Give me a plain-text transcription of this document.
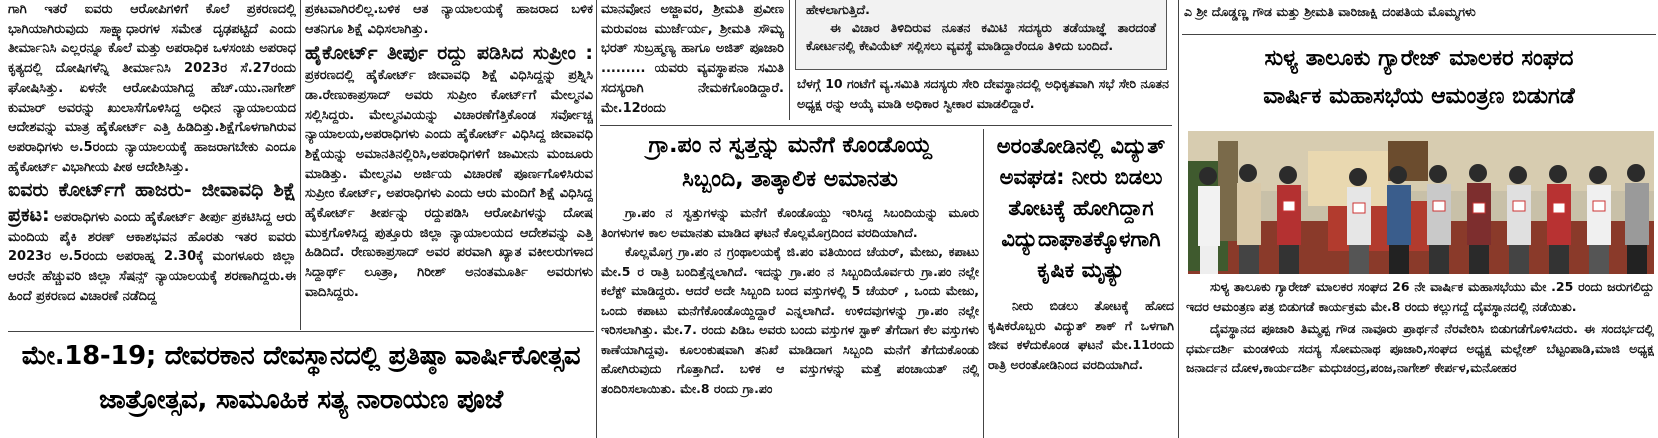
ಗಾಗಿ ಇತರೆ ಐವರು ಆರೋಪಿಗಳಿಗೆ ಕೊಲೆ ಪ್ರಕರಣದಲ್ಲಿ ಭಾಗಿಯಾಗಿರುವುದು ಸಾಕ್ಷ್ಯಾಧಾರಗಳ ಸಮೇತ ದೃಢಪಟ್ಟಿದೆ ಎಂದು ತೀರ್ಮಾನಿಸಿ ಎಲ್ಲರನ್ನೂ ಕೊಲೆ ಮತ್ತು ಅಪರಾಧಿಕ ಒಳಸಂಚು ಅಪರಾಧ ಕೃತ್ಯದಲ್ಲಿ ದೋಷಿಗಳೆನ್ನಿ ತೀರ್ಮಾನಿಸಿ 2023ರ ಸೆ.27ರಂದು ಘೋಷಿಸಿತ್ತು. ಏಳನೇ ಆರೋಪಿಯಾಗಿದ್ದ ಹೆಚ್.ಯು.ನಾಗೇಶ್ ಕುಮಾರ್ ಅವರನ್ನು ಖುಲಾಸೆಗೊಳಿಸಿದ್ದ ಅಧೀನ ನ್ಯಾಯಾಲಯದ ಆದೇಶವನ್ನು ಮಾತ್ರ ಹೈಕೋರ್ಟ್ ಎತ್ತಿ ಹಿಡಿದಿತ್ತು.ಶಿಕ್ಷೆಗೊಳಗಾಗಿರುವ ಅಪರಾಧಿಗಳು ಅ.5ರಂದು ನ್ಯಾಯಾಲಯಕ್ಕೆ ಹಾಜರಾಗಬೇಕು ಎಂದೂ ಹೈಕೋರ್ಟ್ ವಿಭಾಗೀಯ ಪೀಠ ಆದೇಶಿಸಿತ್ತು.

ಐವರು ಕೋರ್ಟ್‌ಗೆ ಹಾಜರು- ಜೀವಾವಧಿ ಶಿಕ್ಷೆ ಪ್ರಕಟ: ಅಪರಾಧಿಗಳು ಎಂದು ಹೈಕೋರ್ಟ್ ತೀರ್ಪು ಪ್ರಕಟಿಸಿದ್ದ ಆರು ಮಂದಿಯ ಪೈಕಿ ಶರಣ್ ಆಕಾಶಭವನ ಹೊರತು ಇತರ ಐವರು 2023ರ ಅ.5ರಂದು ಅಪರಾಹ್ನ 2.30ಕ್ಕೆ ಮಂಗಳೂರು ಜಿಲ್ಲಾ ಆರನೇ ಹೆಚ್ಚುವರಿ ಜಿಲ್ಲಾ ಸೆಷನ್ಸ್ ನ್ಯಾಯಾಲಯಕ್ಕೆ ಶರಣಾಗಿದ್ದರು.ಈ ಹಿಂದೆ ಪ್ರಕರಣದ ವಿಚಾರಣೆ ನಡೆದಿದ್ದ

ಪ್ರಕಟವಾಗಿರಲಿಲ್ಲ.ಬಳಿಕ ಆತ ನ್ಯಾಯಾಲಯಕ್ಕೆ ಹಾಜರಾದ ಬಳಿಕ ಆತನಿಗೂ ಶಿಕ್ಷೆ ವಿಧಿಸಲಾಗಿತ್ತು.

ಹೈಕೋರ್ಟ್ ತೀರ್ಪು ರದ್ದು ಪಡಿಸಿದ ಸುಪ್ರೀಂ : ಪ್ರಕರಣದಲ್ಲಿ ಹೈಕೋರ್ಟ್ ಜೀವಾವಧಿ ಶಿಕ್ಷೆ ವಿಧಿಸಿದ್ದನ್ನು ಪ್ರಶ್ನಿಸಿ ಡಾ.ರೇಣುಕಾಪ್ರಸಾದ್ ಅವರು ಸುಪ್ರೀಂ ಕೋರ್ಟ್‌ಗೆ ಮೇಲ್ಮನವಿ ಸಲ್ಲಿಸಿದ್ದರು. ಮೇಲ್ಮನವಿಯನ್ನು ವಿಚಾರಣೆಗೆತ್ತಿಕೊಂಡ ಸರ್ವೋಚ್ಚ ನ್ಯಾಯಾಲಯ,ಅಪರಾಧಿಗಳು ಎಂದು ಹೈಕೋರ್ಟ್ ವಿಧಿಸಿದ್ದ ಜೀವಾವಧಿ ಶಿಕ್ಷೆಯನ್ನು ಅಮಾನತಿನಲ್ಲಿರಿಸಿ,ಅಪರಾಧಿಗಳಿಗೆ ಜಾಮೀನು ಮಂಜೂರು ಮಾಡಿತ್ತು. ಮೇಲ್ಮನವಿ ಅರ್ಜಿಯ ವಿಚಾರಣೆ ಪೂರ್ಣಗೊಳಿಸಿರುವ ಸುಪ್ರೀಂ ಕೋರ್ಟ್, ಅಪರಾಧಿಗಳು ಎಂದು ಆರು ಮಂದಿಗೆ ಶಿಕ್ಷೆ ವಿಧಿಸಿದ್ದ ಹೈಕೋರ್ಟ್ ತೀರ್ಪನ್ನು ರದ್ದುಪಡಿಸಿ ಆರೋಪಿಗಳನ್ನು ದೋಷ ಮುಕ್ತಗೊಳಿಸಿದ್ದ ಪುತ್ತೂರು ಜಿಲ್ಲಾ ನ್ಯಾಯಾಲಯದ ಆದೇಶವನ್ನು ಎತ್ತಿ ಹಿಡಿದಿದೆ. ರೇಣುಕಾಪ್ರಸಾದ್ ಅವರ ಪರವಾಗಿ ಖ್ಯಾತ ವಕೀಲರುಗಳಾದ ಸಿದ್ದಾರ್ಥ್ ಲೂತ್ರಾ, ಗಿರೀಶ್ ಅನಂತಮೂರ್ತಿ ಅವರುಗಳು ವಾದಿಸಿದ್ದರು.

ಮೇ.18-19; ದೇವರಕಾನ ದೇವಸ್ಥಾನದಲ್ಲಿ ಪ್ರತಿಷ್ಠಾ ವಾರ್ಷಿಕೋತ್ಸವ

ಜಾತ್ರೋತ್ಸವ, ಸಾಮೂಹಿಕ ಸತ್ಯ ನಾರಾಯಣ ಪೂಜೆ

ಮಾನವೋನ ಅಜ್ಜಾವರ, ಶ್ರೀಮತಿ ಪ್ರವೀಣ ಮರುವಂಜ ಮುರ್ಜೆರ್ಯ, ಶ್ರೀಮತಿ ಸೌಮ್ಯ ಭರತ್ ಸುಬ್ರಹ್ಮಣ್ಯ ಹಾಗೂ ಅಜಿತ್ ಪೂಜಾರಿ ......... ಯವರು ವ್ಯವಸ್ಥಾಪನಾ ಸಮಿತಿ ಸದಸ್ಯರಾಗಿ ನೇಮಕಗೊಂಡಿದ್ದಾರೆ. ಮೇ.12ರಂದು

ಹೇಳಲಾಗುತ್ತಿದೆ.

ಈ ವಿಚಾರ ತಿಳಿದಿರುವ ನೂತನ ಕಮಿಟಿ ಸದಸ್ಯರು ತಡೆಯಾಜ್ಞೆ ತಾರದಂತೆ ಕೋರ್ಟನಲ್ಲಿ ಕೇವಿಯೆಟ್ ಸಲ್ಲಿಸಲು ವ್ಯವಸ್ಥೆ ಮಾಡಿದ್ದಾರೆಂದೂ ತಿಳಿದು ಬಂದಿದೆ.

ಬೆಳಗ್ಗೆ 10 ಗಂಟೆಗೆ ವ್ಯ.ಸಮಿತಿ ಸದಸ್ಯರು ಸೇರಿ ದೇವಸ್ಥಾನದಲ್ಲಿ ಅಧಿಕೃತವಾಗಿ ಸಭೆ ಸೇರಿ ನೂತನ ಅಧ್ಯಕ್ಷ ರನ್ನು ಆಯ್ಕೆ ಮಾಡಿ ಅಧಿಕಾರ ಸ್ವೀಕಾರ ಮಾಡಲಿದ್ದಾರೆ.

ಗ್ರಾ.ಪಂ ನ ಸ್ವತ್ತನ್ನು ಮನೆಗೆ ಕೊಂಡೊಯ್ದ

ಸಿಬ್ಬಂದಿ, ತಾತ್ಕಾಲಿಕ ಅಮಾನತು

ಗ್ರಾ.ಪಂ ನ ಸ್ವತ್ತುಗಳನ್ನು ಮನೆಗೆ ಕೊಂಡೊಯ್ದು ಇರಿಸಿದ್ದ ಸಿಬಂದಿಯನ್ನು ಮೂರು ತಿಂಗಳುಗಳ ಕಾಲ ಅಮಾನತು ಮಾಡಿದ ಘಟನೆ ಕೊಲ್ಲಮೊಗ್ರದಿಂದ ವರದಿಯಾಗಿದೆ.

ಕೊಲ್ಲಮೊಗ್ರ ಗ್ರಾ.ಪಂ ನ ಗ್ರಂಥಾಲಯಕ್ಕೆ ಜಿ.ಪಂ ವತಿಯಿಂದ ಚೆಯರ್, ಮೇಜು, ಕಪಾಟು ಮೇ.5 ರ ರಾತ್ರಿ ಬಂದಿತ್ತೆನ್ನಲಾಗಿದೆ. ಇದನ್ನು ಗ್ರಾ.ಪಂ ನ ಸಿಬ್ಬಂದಿಯೊರ್ವರು ಗ್ರಾ.ಪಂ ನಲ್ಲೇ ಕಲೆಕ್ಟ್ ಮಾಡಿದ್ದರು. ಆದರೆ ಅದೇ ಸಿಬ್ಬಂದಿ ಬಂದ ವಸ್ತುಗಳಲ್ಲಿ 5 ಚೆಯರ್ , ಒಂದು ಮೇಜು, ಒಂದು ಕಪಾಟು ಮನೆಗೆಕೊಂಡೊಯ್ದಿದ್ದಾರೆ ಎನ್ನಲಾಗಿದೆ. ಉಳಿದವುಗಳನ್ನು ಗ್ರಾ.ಪಂ ನಲ್ಲೇ ಇರಿಸಲಾಗಿತ್ತು. ಮೇ.7. ರಂದು ಪಿಡಿಒ ಅವರು ಬಂದು ವಸ್ತುಗಳ ಸ್ಟಾಕ್ ತೆಗೆದಾಗ ಕೆಲ ವಸ್ತುಗಳು ಕಾಣೆಯಾಗಿದ್ದವು. ಕೂಲಂಕುಷವಾಗಿ ತನಿಖೆ ಮಾಡಿದಾಗ ಸಿಬ್ಬಂದಿ ಮನೆಗೆ ತೆಗೆದುಕೊಂಡು ಹೋಗಿರುವುದು ಗೊತ್ತಾಗಿದೆ. ಬಳಿಕ ಆ ವಸ್ತುಗಳನ್ನು ಮತ್ತೆ ಪಂಚಾಯತ್ ನಲ್ಲಿ ತಂದಿರಿಸಲಾಯಿತು. ಮೇ.8 ರಂದು ಗ್ರಾ.ಪಂ

ಅರಂತೋಡಿನಲ್ಲಿ ವಿದ್ಯುತ್ ಅವಘಡ: ನೀರು ಬಿಡಲು ತೋಟಕ್ಕೆ ಹೋಗಿದ್ದಾಗ ವಿದ್ಯುದಾಘಾತಕ್ಕೊಳಗಾಗಿ ಕೃಷಿಕ ಮೃತ್ಯು

ನೀರು ಬಿಡಲು ತೋಟಕ್ಕೆ ಹೋದ ಕೃಷಿಕರೊಬ್ಬರು ವಿದ್ಯುತ್ ಶಾಕ್ ಗೆ ಒಳಗಾಗಿ ಜೀವ ಕಳೆದುಕೊಂಡ ಘಟನೆ ಮೇ.11ರಂದು ರಾತ್ರಿ ಅರಂತೋಡಿನಿಂದ ವರದಿಯಾಗಿದೆ.

ಎ ಶ್ರೀ ದೊಡ್ಡಣ್ಣ ಗೌಡ ಮತ್ತು ಶ್ರೀಮತಿ ವಾರಿಜಾಕ್ಷಿ ದಂಪತಿಯ ಮೊಮ್ಮಗಳು

ಸುಳ್ಯ ತಾಲೂಕು ಗ್ಯಾರೇಜ್ ಮಾಲಕರ ಸಂಘದ

ವಾರ್ಷಿಕ ಮಹಾಸಭೆಯ ಆಮಂತ್ರಣ ಬಿಡುಗಡೆ

ಸುಳ್ಯ ತಾಲೂಕು ಗ್ಯಾರೇಜ್ ಮಾಲಕರ ಸಂಘದ 26 ನೇ ವಾರ್ಷಿಕ ಮಹಾಸಭೆಯು ಮೇ .25 ರಂದು ಜರುಗಲಿದ್ದು ಇದರ ಆಮಂತ್ರಣ ಪತ್ರ ಬಿಡುಗಡೆ ಕಾರ್ಯಕ್ರಮ ಮೇ.8 ರಂದು ಕಲ್ಲುಗದ್ದೆ ದೈವಸ್ಥಾನದಲ್ಲಿ ನಡೆಯಿತು.

ದೈವಸ್ಥಾನದ ಪೂಜಾರಿ ತಿಮ್ಮಪ್ಪ ಗೌಡ ನಾವೂರು ಪ್ರಾರ್ಥನೆ ನೆರವೇರಿಸಿ ಬಿಡುಗಡೆಗೊಳಿಸಿದರು. ಈ ಸಂದರ್ಭದಲ್ಲಿ ಧರ್ಮದರ್ಶಿ ಮಂಡಳಿಯ ಸದಸ್ಯ ಸೋಮನಾಥ ಪೂಜಾರಿ,ಸಂಘದ ಅಧ್ಯಕ್ಷ ಮಲ್ಲೇಶ್ ಬೆಟ್ಟಂಪಾಡಿ,ಮಾಜಿ ಅಧ್ಯಕ್ಷ ಜನಾರ್ದನ ದೋಳ,ಕಾರ್ಯದರ್ಶಿ ಮಧುಚಂದ್ರ,ಪಂಜ,ನಾಗೇಶ್ ಕೇರ್ಪಳ,ಮನೋಹರ
